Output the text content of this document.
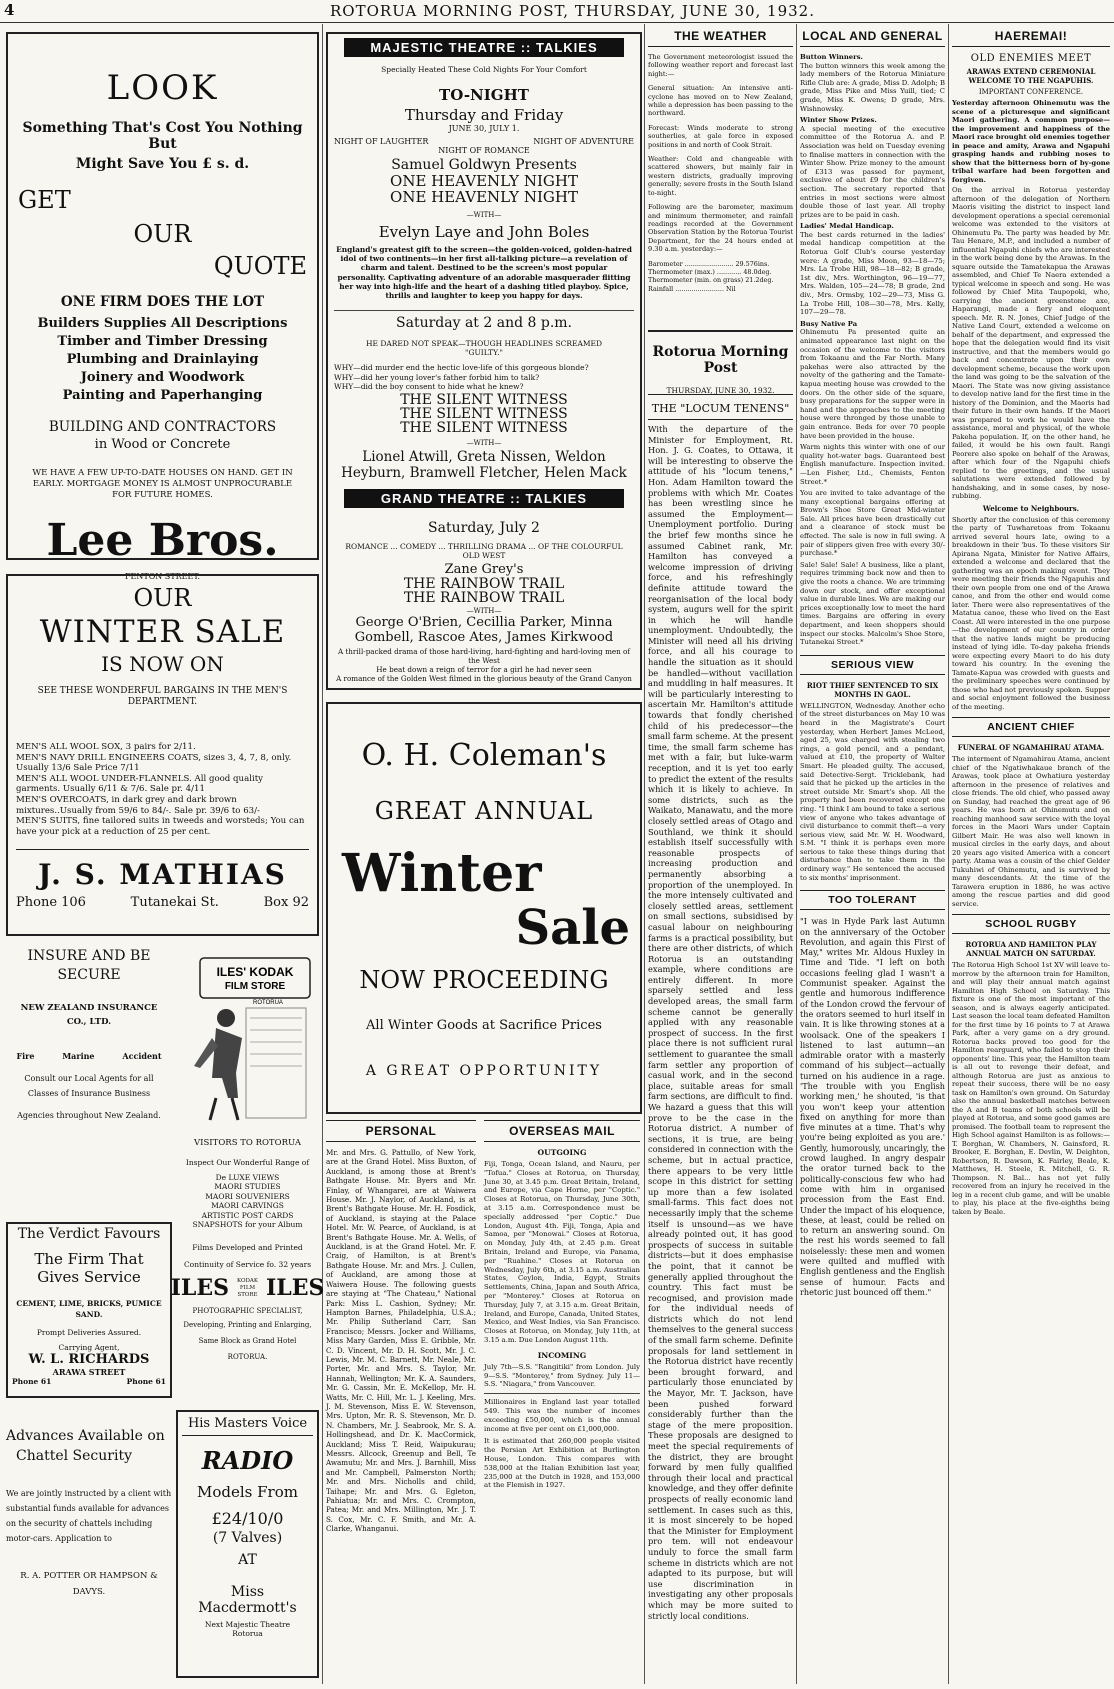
4	ROTORUA MORNING POST, THURSDAY, JUNE 30, 1932.
LOOK
Something That's Cost You Nothing But
Might Save You £ s. d.
GET
OUR
QUOTE
ONE FIRM DOES THE LOT
Builders Supplies All Descriptions
Timber and Timber Dressing
Plumbing and Drainlaying
Joinery and Woodwork
Painting and Paperhanging
BUILDING AND CONTRACTORS
in Wood or Concrete
WE HAVE A FEW UP-TO-DATE HOUSES ON HAND. GET IN EARLY. MORTGAGE MONEY IS ALMOST UNPROCURABLE FOR FUTURE HOMES.
Lee Bros.
FENTON STREET.
OUR
WINTER SALE
IS NOW ON
SEE THESE WONDERFUL BARGAINS IN THE MEN'S DEPARTMENT.

MEN'S ALL WOOL SOX, 3 pairs for 2/11.

MEN'S NAVY DRILL ENGINEERS COATS, sizes 3, 4, 7, 8, only. Usually 13/6 Sale Price 7/11

MEN'S ALL WOOL UNDER-FLANNELS. All good quality garments. Usually 6/11 & 7/6. Sale pr. 4/11

MEN'S OVERCOATS, in dark grey and dark brown mixtures..Usually from 59/6 to 84/-. Sale pr. 39/6 to 63/-

MEN'S SUITS, fine tailored suits in tweeds and worsteds; You can have your pick at a reduction of 25 per cent.

J. S. MATHIAS
Phone 106	Tutanekai St.	Box 92
INSURE AND BE
SECURE
NEW ZEALAND INSURANCE CO., LTD.
Fire          Marine          Accident
Consult our Local Agents for all Classes of Insurance Business
Agencies throughout New Zealand.
The Verdict Favours
The Firm That
Gives Service
CEMENT, LIME, BRICKS, PUMICE SAND.
Prompt Deliveries Assured.
Carrying Agent,
W. L. RICHARDS
ARAWA STREET
Phone 61	Phone 61
Advances Available on
Chattel Security
We are jointly instructed by a client with substantial funds available for advances on the security of chattels including motor-cars. Application to
R. A. POTTER OR HAMPSON & DAVYS.
ILES' KODAK
FILM STORE
ROTORUA
VISITORS TO ROTORUA
Inspect Our Wonderful Range of

De LUXE VIEWS

MAORI STUDIES

MAORI SOUVENIERS

MAORI CARVINGS

ARTISTIC POST CARDS

SNAPSHOTS for your Album

Films Developed and Printed
Continuity of Service fo. 32 years
ILES KODAK FILM STORE ILES
PHOTOGRAPHIC SPECIALIST,
Developing, Printing and Enlarging,
Same Block as Grand Hotel
ROTORUA.
His Masters Voice
RADIO
Models From
£24/10/0
(7 Valves)
AT
Miss Macdermott's
Next Majestic Theatre Rotorua
MAJESTIC THEATRE :: TALKIES
Specially Heated These Cold Nights For Your Comfort
TO-NIGHT
Thursday and Friday
JUNE 30, JULY 1.
NIGHT OF LAUGHTER	NIGHT OF ADVENTURE
NIGHT OF ROMANCE
Samuel Goldwyn Presents
ONE HEAVENLY NIGHT
ONE HEAVENLY NIGHT
—WITH—
Evelyn Laye and John Boles
England's greatest gift to the screen—the golden-voiced, golden-haired idol of two continents—in her first all-talking picture—a revelation of charm and talent. Destined to be the screen's most popular personality. Captivating adventure of an adorable masquerader flitting her way into high-life and the heart of a dashing titled playboy. Spice, thrills and laughter to keep you happy for days.
Saturday at 2 and 8 p.m.
HE DARED NOT SPEAK—THOUGH HEADLINES SCREAMED "GUILTY."

WHY—did murder end the hectic love-life of this gorgeous blonde?

WHY—did her young lover's father forbid him to talk?

WHY—did the boy consent to hide what he knew?

THE SILENT WITNESS
THE SILENT WITNESS
THE SILENT WITNESS
—WITH—
Lionel Atwill, Greta Nissen, Weldon Heyburn, Bramwell Fletcher, Helen Mack
GRAND THEATRE :: TALKIES
Saturday, July 2
ROMANCE ... COMEDY ... THRILLING DRAMA ... OF THE COLOURFUL OLD WEST
Zane Grey's
THE RAINBOW TRAIL
THE RAINBOW TRAIL
—WITH—
George O'Brien, Cecillia Parker, Minna Gombell, Rascoe Ates, James Kirkwood
A thrill-packed drama of those hard-living, hard-fighting and hard-loving men of the West
He beat down a reign of terror for a girl he had never seen
A romance of the Golden West filmed in the glorious beauty of the Grand Canyon
O. H. Coleman's
GREAT ANNUAL
Winter
Sale
NOW PROCEEDING
All Winter Goods at Sacrifice Prices
A GREAT OPPORTUNITY
PERSONAL
Mr. and Mrs. G. Pattullo, of New York, are at the Grand Hotel. Miss Buxton, of Auckland, is among those at Brent's Bathgate House. Mr. Byers and Mr. Finlay, of Whangarei, are at Waiwera House. Mr. J. Naylor, of Auckland, is at Brent's Bathgate House. Mr. H. Fosdick, of Auckland, is staying at the Palace Hotel. Mr. W. Pearce, of Auckland, is at Brent's Bathgate House. Mr. A. Wells, of Auckland, is at the Grand Hotel. Mr. F. Craig, of Hamilton, is at Brent's Bathgate House. Mr. and Mrs. J. Cullen, of Auckland, are among those at Waiwera House. The following guests are staying at "The Chateau," National Park: Miss L. Cashion, Sydney; Mr. Hampton Barnes, Philadelphia, U.S.A.; Mr. Philip Sutherland Carr, San Francisco; Messrs. Jocker and Williams, Miss Mary Garden, Miss E. Gribble, Mr. C. D. Vincent, Mr. D. H. Scott, Mr. J. C. Lewis, Mr. M. C. Barnett, Mr. Neale, Mr. Porter, Mr. and Mrs. S. Taylor, Mr. Hannah, Wellington; Mr. K. A. Saunders, Mr. G. Cassin, Mr. E. McKellop, Mr. H. Watts, Mr. C. Hill, Mr. L. J. Keeling, Mrs. J. M. Stevenson, Miss E. W. Stevenson, Mrs. Upton, Mr. R. S. Stevenson, Mr. D. N. Chambers, Mr. J. Seabrook, Mr. S. A. Hollingshead, and Dr. K. MacCormick, Auckland; Miss T. Reid, Waipukurau; Messrs. Allcock, Greenup and Bell, Te Awamutu; Mr. and Mrs. J. Barnhill, Miss and Mr. Campbell, Palmerston North; Mr. and Mrs. Nicholls and child, Taihape; Mr. and Mrs. G. Egleton, Pahiatua; Mr. and Mrs. C. Crompton, Patea; Mr. and Mrs. Millington, Mr. J. T. S. Cox, Mr. C. F. Smith, and Mr. A. Clarke, Whanganui.
OVERSEAS MAIL
OUTGOING
Fiji, Tonga, Ocean Island, and Nauru, per "Tofua." Closes at Rotorua, on Thursday, June 30, at 3.45 p.m. Great Britain, Ireland, and Europe, via Cape Horne, per "Coptic." Closes at Rotorua, on Thursday, June 30th, at 3.15 a.m. Correspondence must be specially addressed "per Coptic." Due London, August 4th. Fiji, Tonga, Apia and Samoa, per "Monowai." Closes at Rotorua, on Monday, July 4th, at 2.45 p.m. Great Britain, Ireland and Europe, via Panama, per "Ruahine." Closes at Rotorua on Wednesday, July 6th, at 3.15 a.m. Australian States, Ceylon, India, Egypt, Straits Settlements, China, Japan and South Africa, per "Monterey." Closes at Rotorua on Thursday, July 7, at 3.15 a.m. Great Britain, Ireland, and Europe, Canada, United States, Mexico, and West Indies, via San Francisco. Closes at Rotorua, on Monday, July 11th, at 3.15 a.m. Due London August 11th.
INCOMING
July 7th—S.S. "Rangitiki" from London. July 9—S.S. "Monterey," from Sydney. July 11—S.S. "Niagara," from Vancouver.
Millionaires in England last year totalled 549. This was the number of incomes exceeding £50,000, which is the annual income at five per cent on £1,000,000.
It is estimated that 260,000 people visited the Persian Art Exhibition at Burlington House, London. This compares with 538,000 at the Italian Exhibition last year, 235,000 at the Dutch in 1928, and 153,000 at the Flemish in 1927.
THE WEATHER
The Government meteorologist issued the following weather report and forecast last night:—
General situation: An intensive anti-cyclone has moved on to New Zealand, while a depression has been passing to the northward.
Forecast: Winds moderate to strong southerlies, at gale force in exposed positions in and north of Cook Strait.
Weather: Cold and changeable with scattered showers, but mainly fair in western districts, gradually improving generally; severe frosts in the South Island to-night.
Following are the barometer, maximum and minimum thermometer, and rainfall readings recorded at the Government Observation Station by the Rotorua Tourist Department, for the 24 hours ended at 9.30 a.m. yesterday:—

Barometer ........................ 29.576ins.

Thermometer (max.) ............ 48.0deg.

Thermometer (min. on grass) 21.2deg.

Rainfall ........................ Nil

Rotorua Morning Post
THURSDAY, JUNE 30, 1932.
THE "LOCUM TENENS"
With the departure of the Minister for Employment, Rt. Hon. J. G. Coates, to Ottawa, it will be interesting to observe the attitude of his "locum tenens," Hon. Adam Hamilton toward the problems with which Mr. Coates has been wrestling since he assumed the Employment—Unemployment portfolio. During the brief few months since he assumed Cabinet rank, Mr. Hamilton has conveyed a welcome impression of driving force, and his refreshingly definite attitude toward the reorganisation of the local body system, augurs well for the spirit in which he will handle unemployment. Undoubtedly, the Minister will need all his driving force, and all his courage to handle the situation as it should be handled—without vacillation and muddling in half measures. It will be particularly interesting to ascertain Mr. Hamilton's attitude towards that fondly cherished child of his predecessor—the small farm scheme. At the present time, the small farm scheme has met with a fair, but luke-warm reception, and it is yet too early to predict the extent of the results which it is likely to achieve. In some districts, such as the Waikato, Manawatu, and the more closely settled areas of Otago and Southland, we think it should establish itself successfully with reasonable prospects of increasing production and permanently absorbing a proportion of the unemployed. In the more intensely cultivated and closely settled areas, settlement on small sections, subsidised by casual labour on neighbouring farms is a practical possibility, but there are other districts, of which Rotorua is an outstanding example, where conditions are entirely different. In more sparsely settled and less developed areas, the small farm scheme cannot be generally applied with any reasonable prospect of success. In the first place there is not sufficient rural settlement to guarantee the small farm settler any proportion of casual work, and in the second place, suitable areas for small farm sections, are difficult to find. We hazard a guess that this will prove to be the case in the Rotorua district. A number of sections, it is true, are being considered in connection with the scheme, but in actual practice, there appears to be very little scope in this district for setting up more than a few isolated small-farms. This fact does not necessarily imply that the scheme itself is unsound—as we have already pointed out, it has good prospects of success in suitable districts—but it does emphasise the point, that it cannot be generally applied throughout the country. This fact must be recognised, and provision made for the individual needs of districts which do not lend themselves to the general success of the small farm scheme. Definite proposals for land settlement in the Rotorua district have recently been brought forward, and particularly those enunciated by the Mayor, Mr. T. Jackson, have been pushed forward considerably further than the stage of the mere proposition. These proposals are designed to meet the special requirements of the district, they are brought forward by men fully qualified through their local and practical knowledge, and they offer definite prospects of really economic land settlement. In cases such as this, it is most sincerely to be hoped that the Minister for Employment pro tem. will not endeavour unduly to force the small farm scheme in districts which are not adapted to its purpose, but will use discrimination in investigating any other proposals which may be more suited to strictly local conditions.
LOCAL AND GENERAL
Button Winners.
The button winners this week among the lady members of the Rotorua Miniature Rifle Club are: A grade, Miss D. Adolph; B grade, Miss Pike and Miss Yuill, tied; C grade, Miss K. Owens; D grade, Mrs. Wishnowsky.
Winter Show Prizes.
A special meeting of the executive committee of the Rotorua A. and P. Association was held on Tuesday evening to finalise matters in connection with the Winter Show. Prize money to the amount of £313 was passed for payment, exclusive of about £9 for the children's section. The secretary reported that entries in most sections were almost double those of last year. All trophy prizes are to be paid in cash.
Ladies' Medal Handicap.
The best cards returned in the ladies' medal handicap competition at the Rotorua Golf Club's course yesterday were: A grade, Miss Moon, 93—18—75; Mrs. La Trobe Hill, 98—18—82; B grade, 1st div., Mrs. Worthington, 96—19—77, Mrs. Walden, 105—24—78; B grade, 2nd div., Mrs. Ormsby, 102—29—73, Miss G. La Trobe Hill, 108—30—78, Mrs. Kelly, 107—29—78.
Busy Native Pa
Ohinemutu Pa presented quite an animated appearance last night on the occasion of the welcome to the visitors from Tokaanu and the Far North. Many pakehas were also attracted by the novelty of the gathering and the Tamate-kapua meeting house was crowded to the doors. On the other side of the square, busy preparations for the supper were in hand and the approaches to the meeting house were thronged by those unable to gain entrance. Beds for over 70 people have been provided in the house.
Warm nights this winter with one of our quality hot-water bags. Guaranteed best English manufacture. Inspection invited.—Len Fisher, Ltd., Chemists, Fenton Street.*
You are invited to take advantage of the many exceptional bargains offering at Brown's Shoe Store Great Mid-winter Sale. All prices have been drastically cut and a clearance of stock must be effected. The sale is now in full swing. A pair of slippers given free with every 30/- purchase.*
Sale! Sale! Sale! A business, like a plant, requires trimming back now and then to give the roots a chance. We are trimming down our stock, and offer exceptional value in durable lines. We are making our prices exceptionally low to meet the hard times. Bargains are offering in every department, and keen shoppers should inspect our stocks. Malcolm's Shoe Store, Tutanekai Street.*
SERIOUS VIEW
RIOT THIEF SENTENCED TO SIX MONTHS IN GAOL.
WELLINGTON, Wednesday. Another echo of the street disturbances on May 10 was heard in the Magistrate's Court yesterday, when Herbert James McLeod, aged 25, was charged with stealing two rings, a gold pencil, and a pendant, valued at £10, the property of Walter Smart. He pleaded guilty. The accused, said Detective-Sergt. Tricklebank, had said that he picked up the articles in the street outside Mr. Smart's shop. All the property had been recovered except one ring. "I think I am bound to take a serious view of anyone who takes advantage of civil disturbance to commit theft—a very serious view, said Mr. W. H. Woodward, S.M. "I think it is perhaps even more serious to take these things during that disturbance than to take them in the ordinary way." He sentenced the accused to six months' imprisonment.
TOO TOLERANT
"I was in Hyde Park last Autumn on the anniversary of the October Revolution, and again this First of May," writes Mr. Aldous Huxley in Time and Tide. "I left on both occasions feeling glad I wasn't a Communist speaker. Against the gentle and humorous indifference of the London crowd the fervour of the orators seemed to hurl itself in vain. It is like throwing stones at a woolsack. One of the speakers I listened to last autumn—an admirable orator with a masterly command of his subject—actually turned on his audience in a rage. 'The trouble with you English working men,' he shouted, 'is that you won't keep your attention fixed on anything for more than five minutes at a time. That's why you're being exploited as you are.' Gently, humorously, uncaringly, the crowd laughed. In angry despair the orator turned back to the politically-conscious few who had come with him in organised procession from the East End. Under the impact of his eloquence, these, at least, could be relied on to return an answering sound. On the rest his words seemed to fall noiselessly: these men and women were quilted and muffled with English gentleness and the English sense of humour. Facts and rhetoric just bounced off them."
HAEREMAI!
OLD ENEMIES MEET
ARAWAS EXTEND CEREMONIAL WELCOME TO THE NGAPUHIS.
IMPORTANT CONFERENCE.
Yesterday afternoon Ohinemutu was the scene of a picturesque and significant Maori gathering. A common purpose—the improvement and happiness of the Maori race brought old enemies together in peace and amity, Arawa and Ngapuhi grasping hands and rubbing noses to show that the bitterness born of by-gone tribal warfare had been forgotten and forgiven.
On the arrival in Rotorua yesterday afternoon of the delegation of Northern Maoris visiting the district to inspect land development operations a special ceremonial welcome was extended to the visitors at Ohinemutu Pa. The party was headed by Mr. Tau Henare, M.P., and included a number of influential Ngapuhi chiefs who are interested in the work being done by the Arawas. In the square outside the Tamatekapua the Arawas assembled, and Chief Te Naera extended a typical welcome in speech and song. He was followed by Chief Mita Taupopoki, who, carrying the ancient greenstone axe, Haparangi, made a fiery and eloquent speech. Mr. R. N. Jones, Chief Judge of the Native Land Court, extended a welcome on behalf of the department, and expressed the hope that the delegation would find its visit instructive, and that the members would go back and concentrate upon their own development scheme, because the work upon the land was going to be the salvation of the Maori. The State was now giving assistance to develop native land for the first time in the history of the Dominion, and the Maoris had their future in their own hands. If the Maori was prepared to work he would have the assistance, moral and physical, of the whole Pakeha population. If, on the other hand, he failed, it would be his own fault. Rangi Peorere also spoke on behalf of the Arawas, after which four of the Ngapuhi chiefs replied to the greetings, and the usual salutations were extended followed by handshaking, and in some cases, by nose-rubbing.
Welcome to Neighbours.
Shortly after the conclusion of this ceremony the party of Tuwharetoas from Tokaanu arrived several hours late, owing to a breakdown in their 'bus. To these visitors Sir Apirana Ngata, Minister for Native Affairs, extended a welcome and declared that the gathering was an epoch making event. They were meeting their friends the Ngapuhis and their own people from one end of the Arawa canoe, and from the other end would come later. There were also representatives of the Matatua canoe, these who lived on the East Coast. All were interested in the one purpose—the development of our country in order that the native lands might be producing instead of lying idle. To-day pakeha friends were expecting every Maori to do his duty toward his country. In the evening the Tamate-Kapua was crowded with guests and the preliminary speeches were continued by those who had not previously spoken. Supper and social enjoyment followed the business of the meeting.
ANCIENT CHIEF
FUNERAL OF NGAMAHIRAU ATAMA.
The interment of Ngamahirau Atama, ancient chief of the Ngatiwhakaue branch of the Arawas, took place at Owhatiura yesterday afternoon in the presence of relatives and close friends. The old chief, who passed away on Sunday, had reached the great age of 96 years. He was born at Ohinemutu and on reaching manhood saw service with the loyal forces in the Maori Wars under Captain Gilbert Mair. He was also well known in musical circles in the early days, and about 20 years ago visited America with a concert party. Atama was a cousin of the chief Gelder Tukuhiwi of Ohinemutu, and is survived by many descendants. At the time of the Tarawera eruption in 1886, he was active among the rescue parties and did good service.
SCHOOL RUGBY
ROTORUA AND HAMILTON PLAY ANNUAL MATCH ON SATURDAY.
The Rotorua High School 1st XV will leave to-morrow by the afternoon train for Hamilton, and will play their annual match against Hamilton High School on Saturday. This fixture is one of the most important of the season, and is always eagerly anticipated. Last season the local team defeated Hamilton for the first time by 16 points to 7 at Arawa Park, after a very game on a dry ground. Rotorua backs proved too good for the Hamilton rearguard, who failed to stop their opponents' line. This year, the Hamilton team is all out to revenge their defeat, and although Rotorua are just as anxious to repeat their success, there will be no easy task on Hamilton's own ground. On Saturday also the annual basketball matches between the A and B teams of both schools will be played at Rotorua, and some good games are promised. The football team to represent the High School against Hamilton is as follows:—T. Borghan, W. Chambers, N. Gainsford, R. Brooker, E. Borghan, E. Devlin, W. Deighton, Robertson, R. Dawson, K. Fairley, Beale, K. Matthews, H. Steele, R. Mitchell, G. R. Thompson. N. Bal... has not yet fully recovered from an injury he received in the leg in a recent club game, and will be unable to play, his place at the five-eighths being taken by Beale.
